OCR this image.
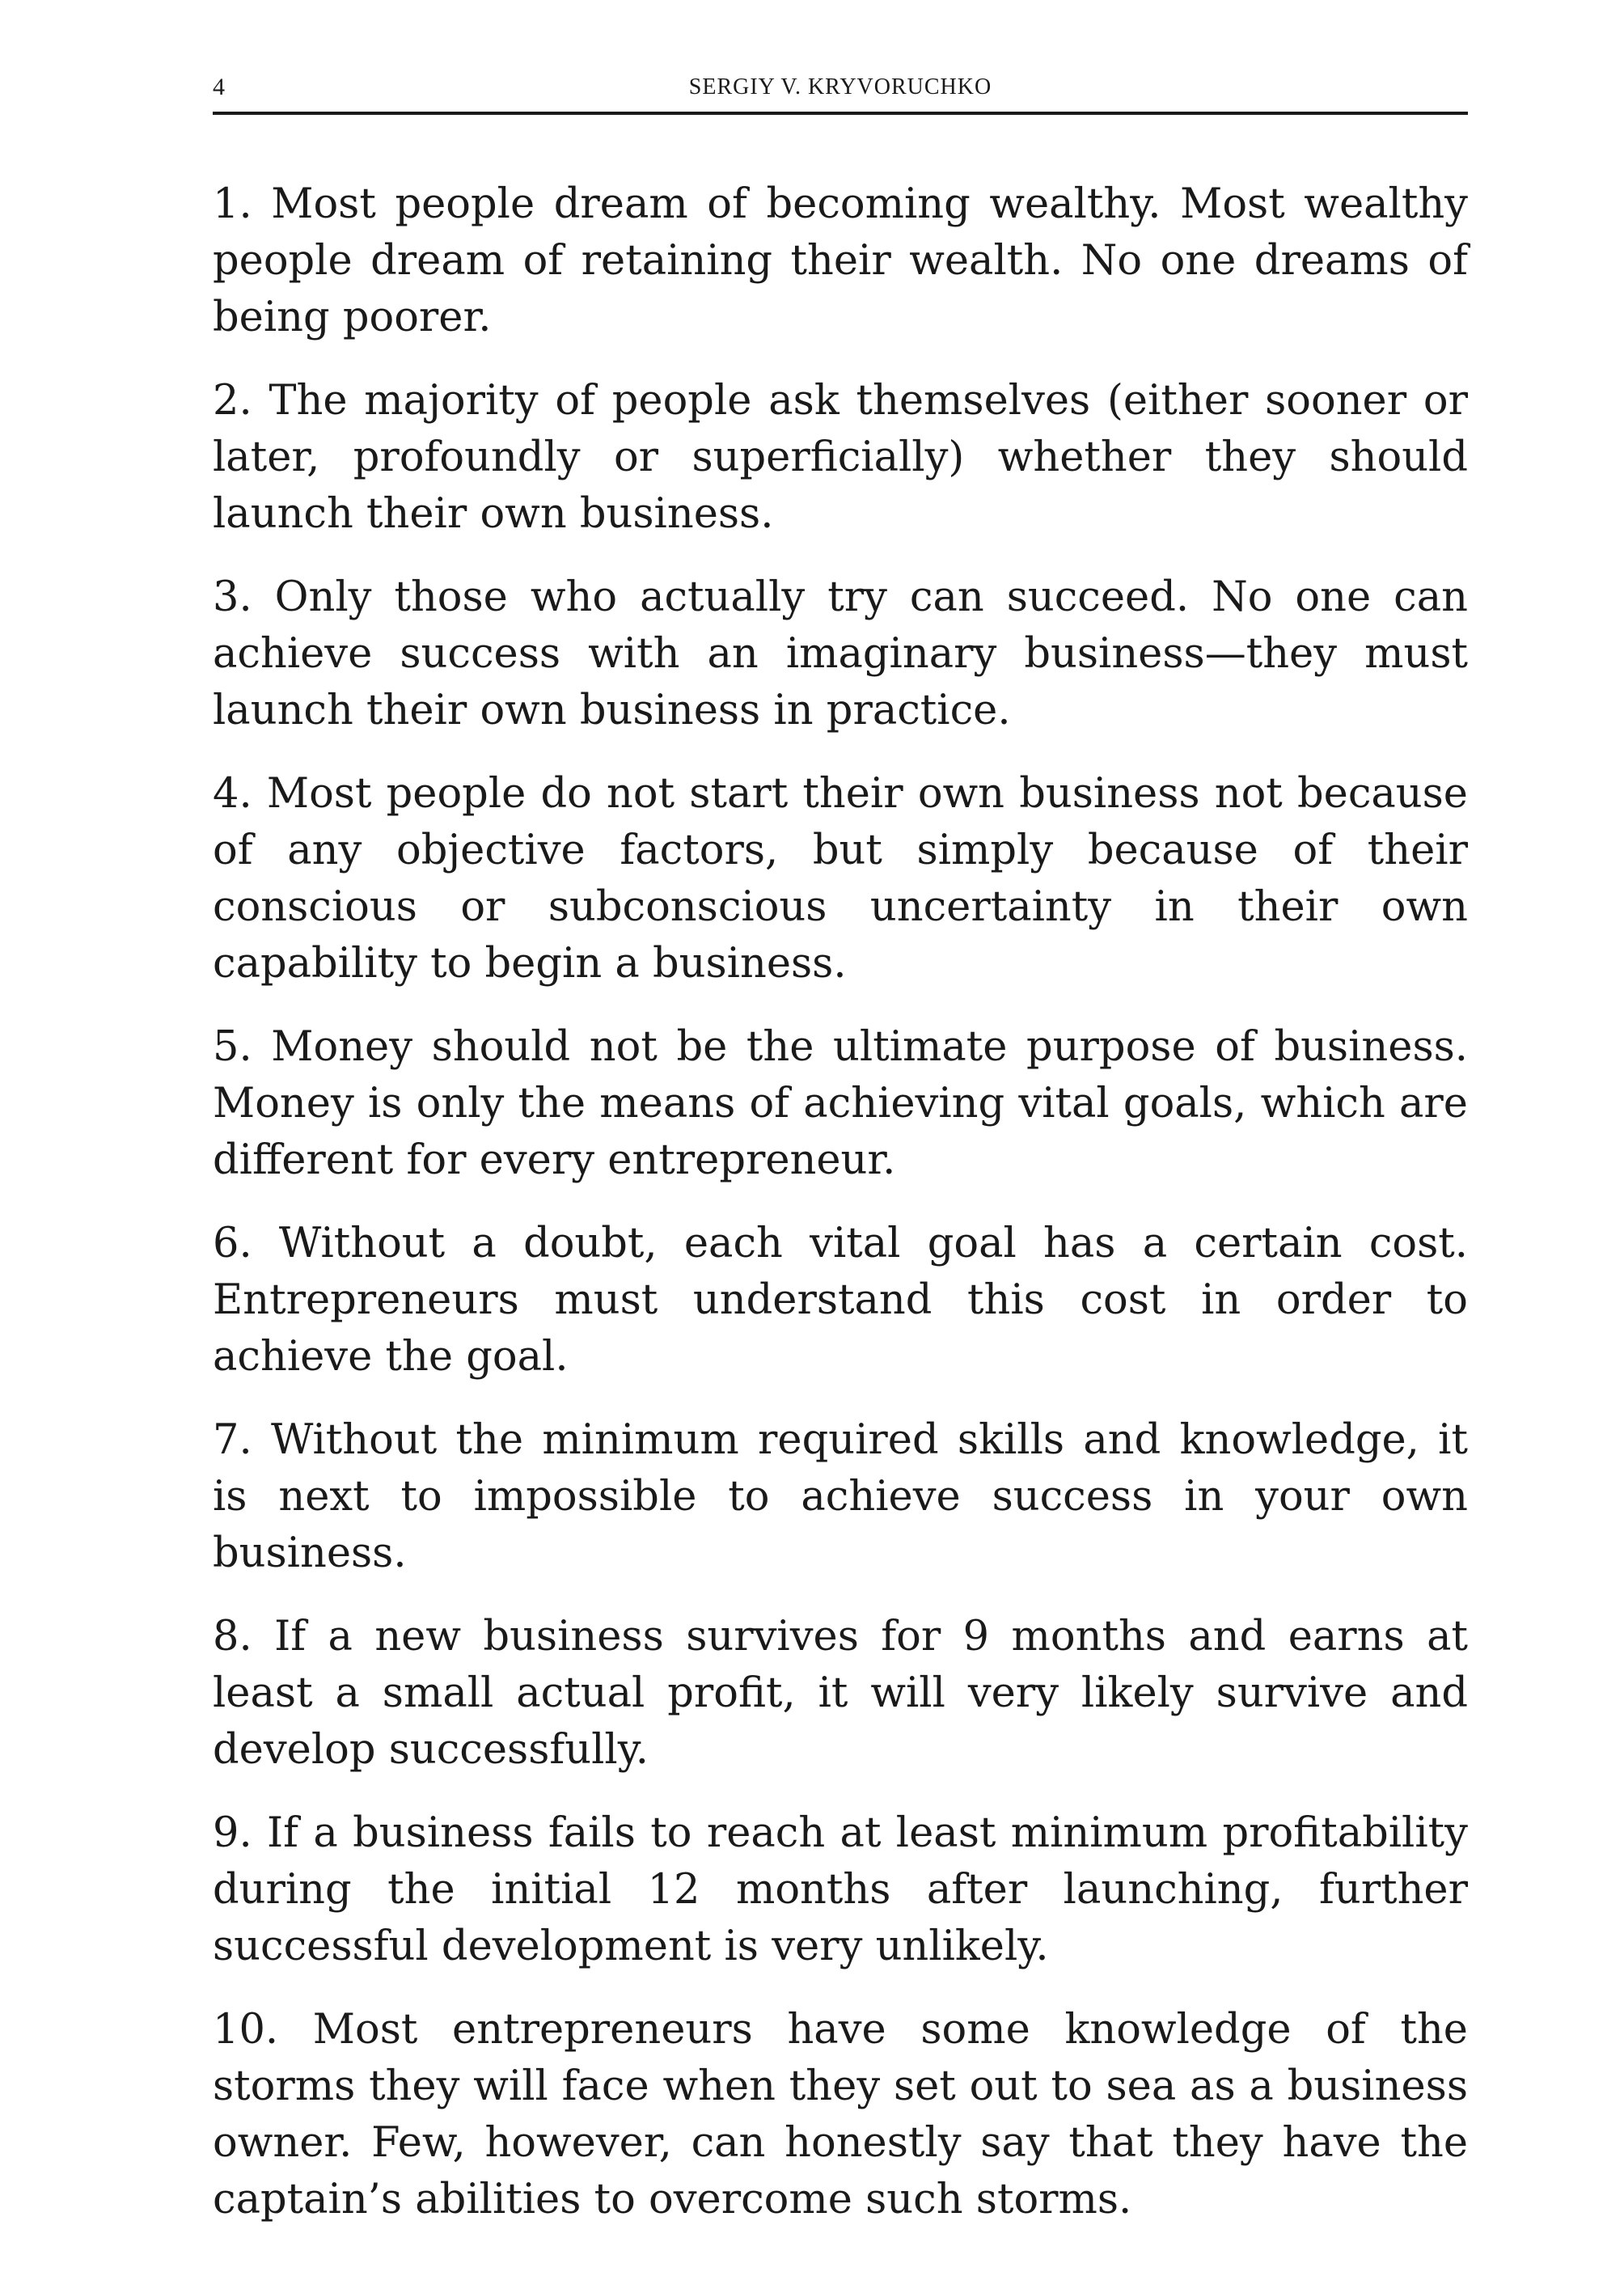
4	SERGIY V. KRYVORUCHKO

1. Most people dream of becoming wealthy. Most wealthy people dream of retaining their wealth. No one dreams of being poorer.

2. The majority of people ask themselves (either sooner or later, profoundly or superficially) whether they should launch their own business.

3. Only those who actually try can succeed. No one can achieve success with an imaginary business—they must launch their own business in practice.

4. Most people do not start their own business not because of any objective factors, but simply because of their conscious or subconscious uncertainty in their own capability to begin a business.

5. Money should not be the ultimate purpose of business. Money is only the means of achieving vital goals, which are different for every entrepreneur.

6. Without a doubt, each vital goal has a certain cost. Entrepreneurs must understand this cost in order to achieve the goal.

7. Without the minimum required skills and knowledge, it is next to impossible to achieve success in your own business.

8. If a new business survives for 9 months and earns at least a small actual profit, it will very likely survive and develop successfully.

9. If a business fails to reach at least minimum profitability during the initial 12 months after launching, further successful development is very unlikely.

10. Most entrepreneurs have some knowledge of the storms they will face when they set out to sea as a business owner. Few, however, can honestly say that they have the captain’s abilities to overcome such storms.
